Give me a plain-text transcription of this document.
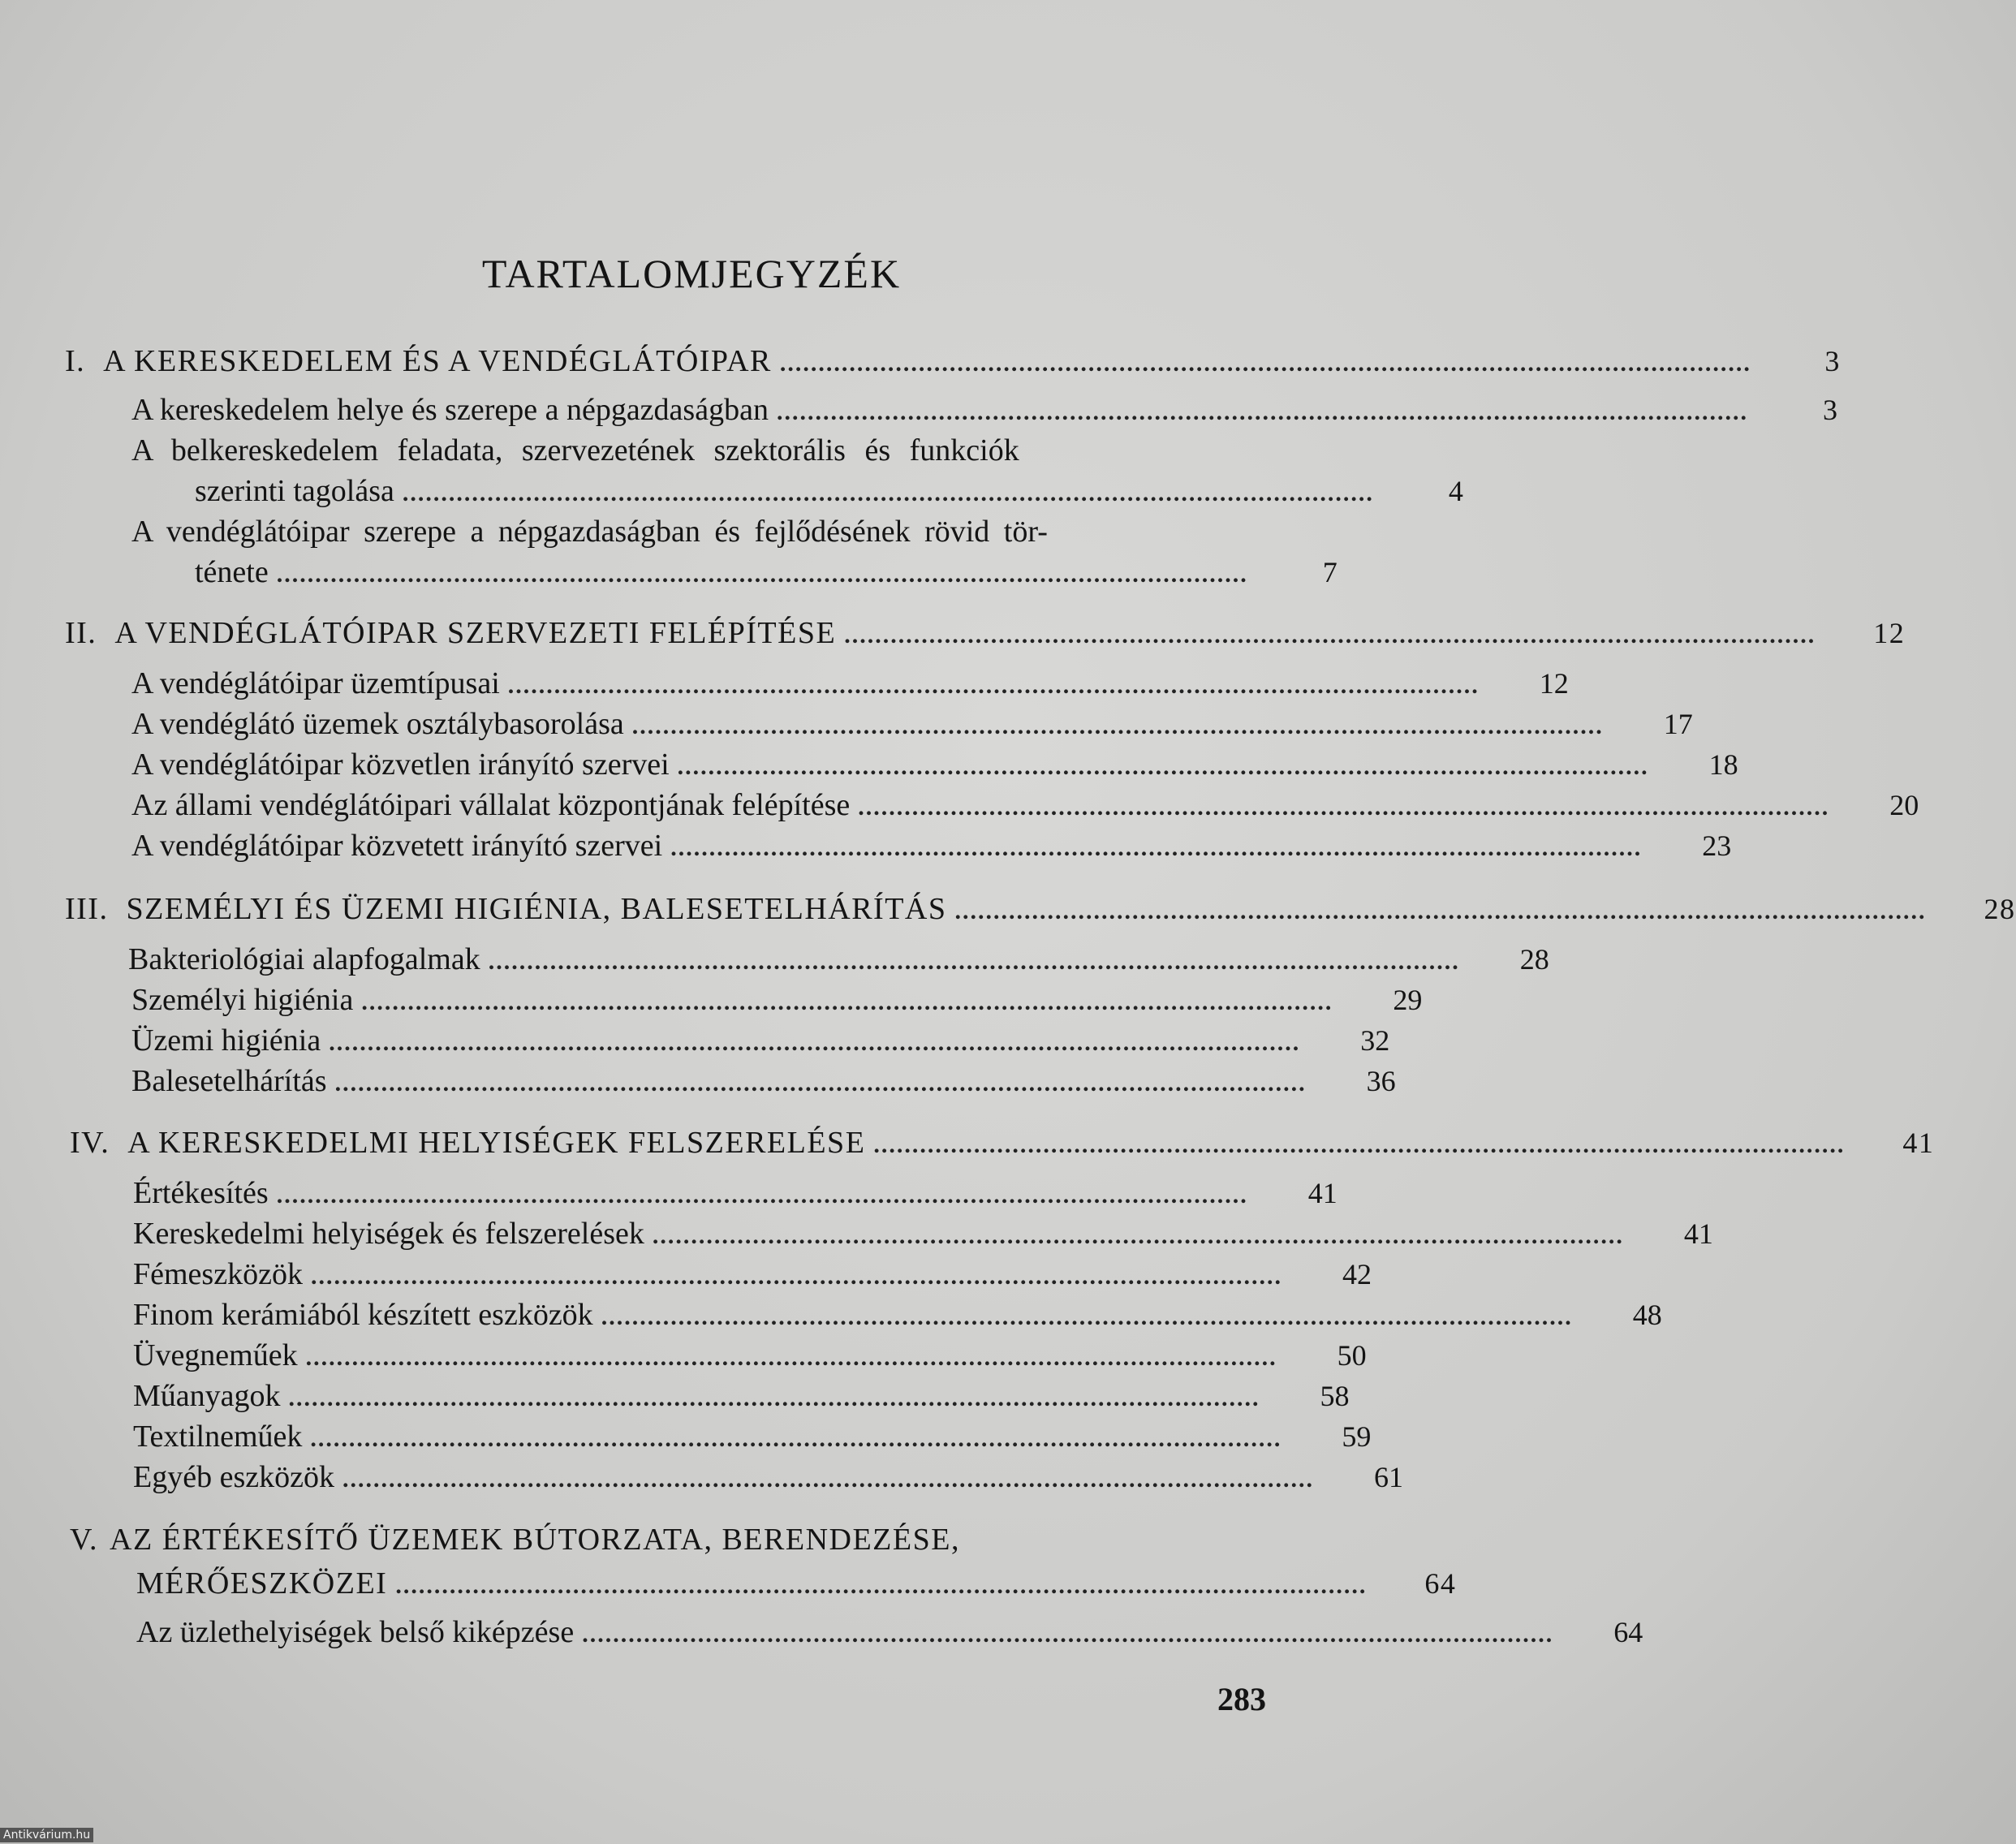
TARTALOMJEGYZÉK
I. A KERESKEDELEM ÉS A VENDÉGLÁTÓIPAR ..............................................................................................................................	3
A kereskedelem helye és szerepe a népgazdaságban ..............................................................................................................................	3
A belkereskedelem feladata, szervezetének szektorális és funkciók
szerinti tagolása ..............................................................................................................................	4
A vendéglátóipar szerepe a népgazdaságban és fejlődésének rövid tör-
ténete ..............................................................................................................................	7
II. A VENDÉGLÁTÓIPAR SZERVEZETI FELÉPÍTÉSE ..............................................................................................................................	12
A vendéglátóipar üzemtípusai ..............................................................................................................................	12
A vendéglátó üzemek osztálybasorolása ..............................................................................................................................	17
A vendéglátóipar közvetlen irányító szervei ..............................................................................................................................	18
Az állami vendéglátóipari vállalat központjának felépítése ..............................................................................................................................	20
A vendéglátóipar közvetett irányító szervei ..............................................................................................................................	23
III. SZEMÉLYI ÉS ÜZEMI HIGIÉNIA, BALESETELHÁRÍTÁS ..............................................................................................................................	28
Bakteriológiai alapfogalmak ..............................................................................................................................	28
Személyi higiénia ..............................................................................................................................	29
Üzemi higiénia ..............................................................................................................................	32
Balesetelhárítás ..............................................................................................................................	36
IV. A KERESKEDELMI HELYISÉGEK FELSZERELÉSE ..............................................................................................................................	41
Értékesítés ..............................................................................................................................	41
Kereskedelmi helyiségek és felszerelések ..............................................................................................................................	41
Fémeszközök ..............................................................................................................................	42
Finom kerámiából készített eszközök ..............................................................................................................................	48
Üvegneműek ..............................................................................................................................	50
Műanyagok ..............................................................................................................................	58
Textilneműek ..............................................................................................................................	59
Egyéb eszközök ..............................................................................................................................	61
V. AZ ÉRTÉKESÍTŐ ÜZEMEK BÚTORZATA, BERENDEZÉSE,
MÉRŐESZKÖZEI ..............................................................................................................................	64
Az üzlethelyiségek belső kiképzése ..............................................................................................................................	64
283
Antikvárium.hu
